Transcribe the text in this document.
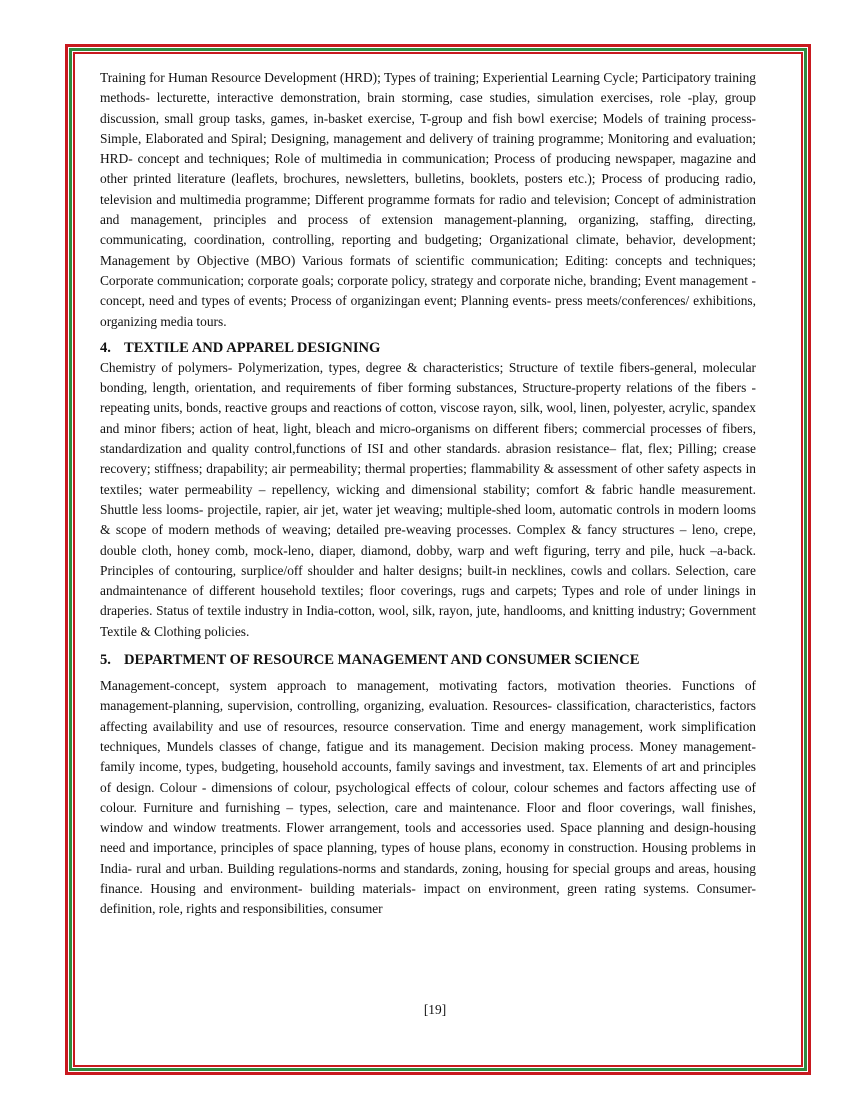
Training for Human Resource Development (HRD); Types of training; Experiential Learning Cycle; Participatory training methods- lecturette, interactive demonstration, brain storming, case studies, simulation exercises, role -play, group discussion, small group tasks, games, in-basket exercise, T-group and fish bowl exercise; Models of training process- Simple, Elaborated and Spiral; Designing, management and delivery of training programme; Monitoring and evaluation; HRD- concept and techniques; Role of multimedia in communication; Process of producing newspaper, magazine and other printed literature (leaflets, brochures, newsletters, bulletins, booklets, posters etc.); Process of producing radio, television and multimedia programme; Different programme formats for radio and television; Concept of administration and management, principles and process of extension management-planning, organizing, staffing, directing, communicating, coordination, controlling, reporting and budgeting; Organizational climate, behavior, development; Management by Objective (MBO) Various formats of scientific communication; Editing: concepts and techniques; Corporate communication; corporate goals; corporate policy, strategy and corporate niche, branding; Event management - concept, need and types of events; Process of organizingan event; Planning events- press meets/conferences/ exhibitions, organizing media tours.

4. TEXTILE AND APPAREL DESIGNING

Chemistry of polymers- Polymerization, types, degree & characteristics; Structure of textile fibers-general, molecular bonding, length, orientation, and requirements of fiber forming substances, Structure-property relations of the fibers - repeating units, bonds, reactive groups and reactions of cotton, viscose rayon, silk, wool, linen, polyester, acrylic, spandex and minor fibers; action of heat, light, bleach and micro-organisms on different fibers; commercial processes of fibers, standardization and quality control,functions of ISI and other standards. abrasion resistance– flat, flex; Pilling; crease recovery; stiffness; drapability; air permeability; thermal properties; flammability & assessment of other safety aspects in textiles; water permeability – repellency, wicking and dimensional stability; comfort & fabric handle measurement. Shuttle less looms- projectile, rapier, air jet, water jet weaving; multiple-shed loom, automatic controls in modern looms & scope of modern methods of weaving; detailed pre-weaving processes. Complex & fancy structures – leno, crepe, double cloth, honey comb, mock-leno, diaper, diamond, dobby, warp and weft figuring, terry and pile, huck –a-back. Principles of contouring, surplice/off shoulder and halter designs; built-in necklines, cowls and collars. Selection, care andmaintenance of different household textiles; floor coverings, rugs and carpets; Types and role of under linings in draperies. Status of textile industry in India-cotton, wool, silk, rayon, jute, handlooms, and knitting industry; Government Textile & Clothing policies.

5. DEPARTMENT OF RESOURCE MANAGEMENT AND CONSUMER SCIENCE

Management-concept, system approach to management, motivating factors, motivation theories. Functions of management-planning, supervision, controlling, organizing, evaluation. Resources- classification, characteristics, factors affecting availability and use of resources, resource conservation. Time and energy management, work simplification techniques, Mundels classes of change, fatigue and its management. Decision making process. Money management-family income, types, budgeting, household accounts, family savings and investment, tax. Elements of art and principles of design. Colour - dimensions of colour, psychological effects of colour, colour schemes and factors affecting use of colour. Furniture and furnishing – types, selection, care and maintenance. Floor and floor coverings, wall finishes, window and window treatments. Flower arrangement, tools and accessories used. Space planning and design-housing need and importance, principles of space planning, types of house plans, economy in construction. Housing problems in India- rural and urban. Building regulations-norms and standards, zoning, housing for special groups and areas, housing finance. Housing and environment- building materials- impact on environment, green rating systems. Consumer-definition, role, rights and responsibilities, consumer

[19]
